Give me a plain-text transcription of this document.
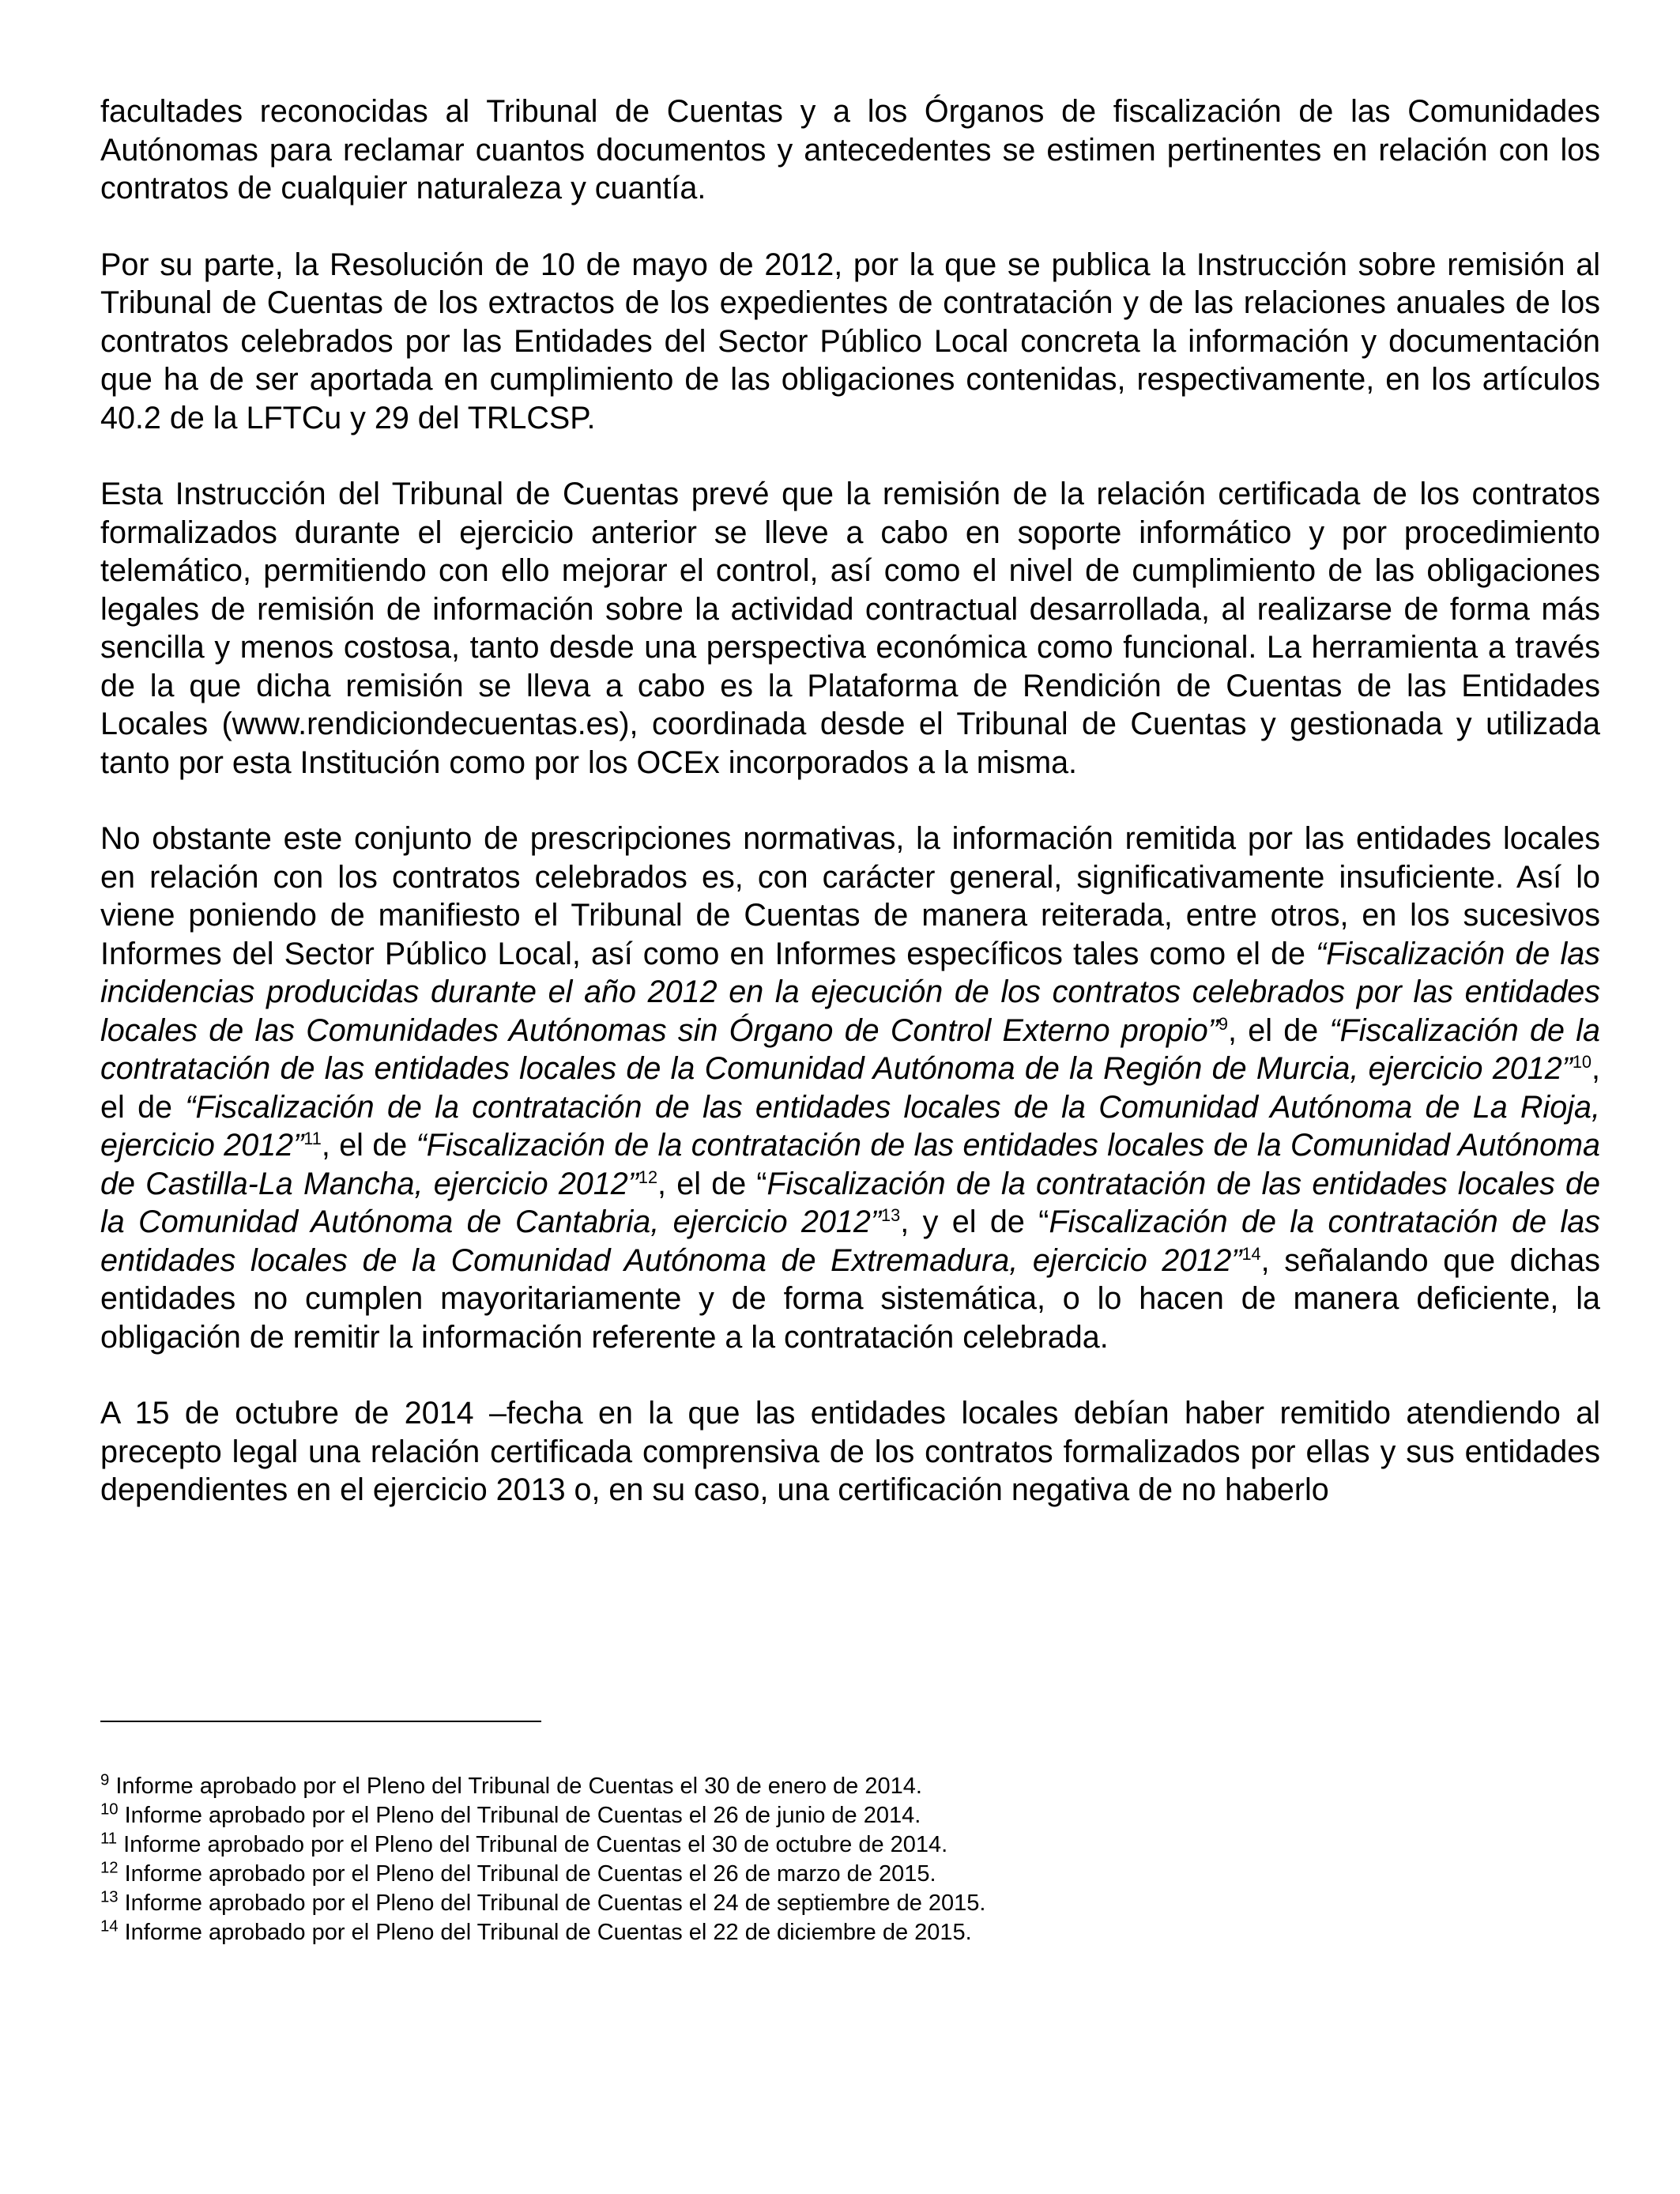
facultades reconocidas al Tribunal de Cuentas y a los Órganos de fiscalización de las Comunidades Autónomas para reclamar cuantos documentos y antecedentes se estimen pertinentes en relación con los contratos de cualquier naturaleza y cuantía.

Por su parte, la Resolución de 10 de mayo de 2012, por la que se publica la Instrucción sobre remisión al Tribunal de Cuentas de los extractos de los expedientes de contratación y de las relaciones anuales de los contratos celebrados por las Entidades del Sector Público Local concreta la información y documentación que ha de ser aportada en cumplimiento de las obligaciones contenidas, respectivamente, en los artículos 40.2 de la LFTCu y 29 del TRLCSP.

Esta Instrucción del Tribunal de Cuentas prevé que la remisión de la relación certificada de los contratos formalizados durante el ejercicio anterior se lleve a cabo en soporte informático y por procedimiento telemático, permitiendo con ello mejorar el control, así como el nivel de cumplimiento de las obligaciones legales de remisión de información sobre la actividad contractual desarrollada, al realizarse de forma más sencilla y menos costosa, tanto desde una perspectiva económica como funcional. La herramienta a través de la que dicha remisión se lleva a cabo es la Plataforma de Rendición de Cuentas de las Entidades Locales (www.rendiciondecuentas.es), coordinada desde el Tribunal de Cuentas y gestionada y utilizada tanto por esta Institución como por los OCEx incorporados a la misma.

No obstante este conjunto de prescripciones normativas, la información remitida por las entidades locales en relación con los contratos celebrados es, con carácter general, significativamente insuficiente. Así lo viene poniendo de manifiesto el Tribunal de Cuentas de manera reiterada, entre otros, en los sucesivos Informes del Sector Público Local, así como en Informes específicos tales como el de “Fiscalización de las incidencias producidas durante el año 2012 en la ejecución de los contratos celebrados por las entidades locales de las Comunidades Autónomas sin Órgano de Control Externo propio”$^9$, el de “Fiscalización de la contratación de las entidades locales de la Comunidad Autónoma de la Región de Murcia, ejercicio 2012”$^{10}$, el de “Fiscalización de la contratación de las entidades locales de la Comunidad Autónoma de La Rioja, ejercicio 2012”$^{11}$, el de “Fiscalización de la contratación de las entidades locales de la Comunidad Autónoma de Castilla-La Mancha, ejercicio 2012”$^{12}$, el de “Fiscalización de la contratación de las entidades locales de la Comunidad Autónoma de Cantabria, ejercicio 2012”$^{13}$, y el de “Fiscalización de la contratación de las entidades locales de la Comunidad Autónoma de Extremadura, ejercicio 2012”$^{14}$, señalando que dichas entidades no cumplen mayoritariamente y de forma sistemática, o lo hacen de manera deficiente, la obligación de remitir la información referente a la contratación celebrada.

A 15 de octubre de 2014 –fecha en la que las entidades locales debían haber remitido atendiendo al precepto legal una relación certificada comprensiva de los contratos formalizados por ellas y sus entidades dependientes en el ejercicio 2013 o, en su caso, una certificación negativa de no haberlo

$^9$ Informe aprobado por el Pleno del Tribunal de Cuentas el 30 de enero de 2014.

$^{10}$ Informe aprobado por el Pleno del Tribunal de Cuentas el 26 de junio de 2014.

$^{11}$ Informe aprobado por el Pleno del Tribunal de Cuentas el 30 de octubre de 2014.

$^{12}$ Informe aprobado por el Pleno del Tribunal de Cuentas el 26 de marzo de 2015.

$^{13}$ Informe aprobado por el Pleno del Tribunal de Cuentas el 24 de septiembre de 2015.

$^{14}$ Informe aprobado por el Pleno del Tribunal de Cuentas el 22 de diciembre de 2015.
